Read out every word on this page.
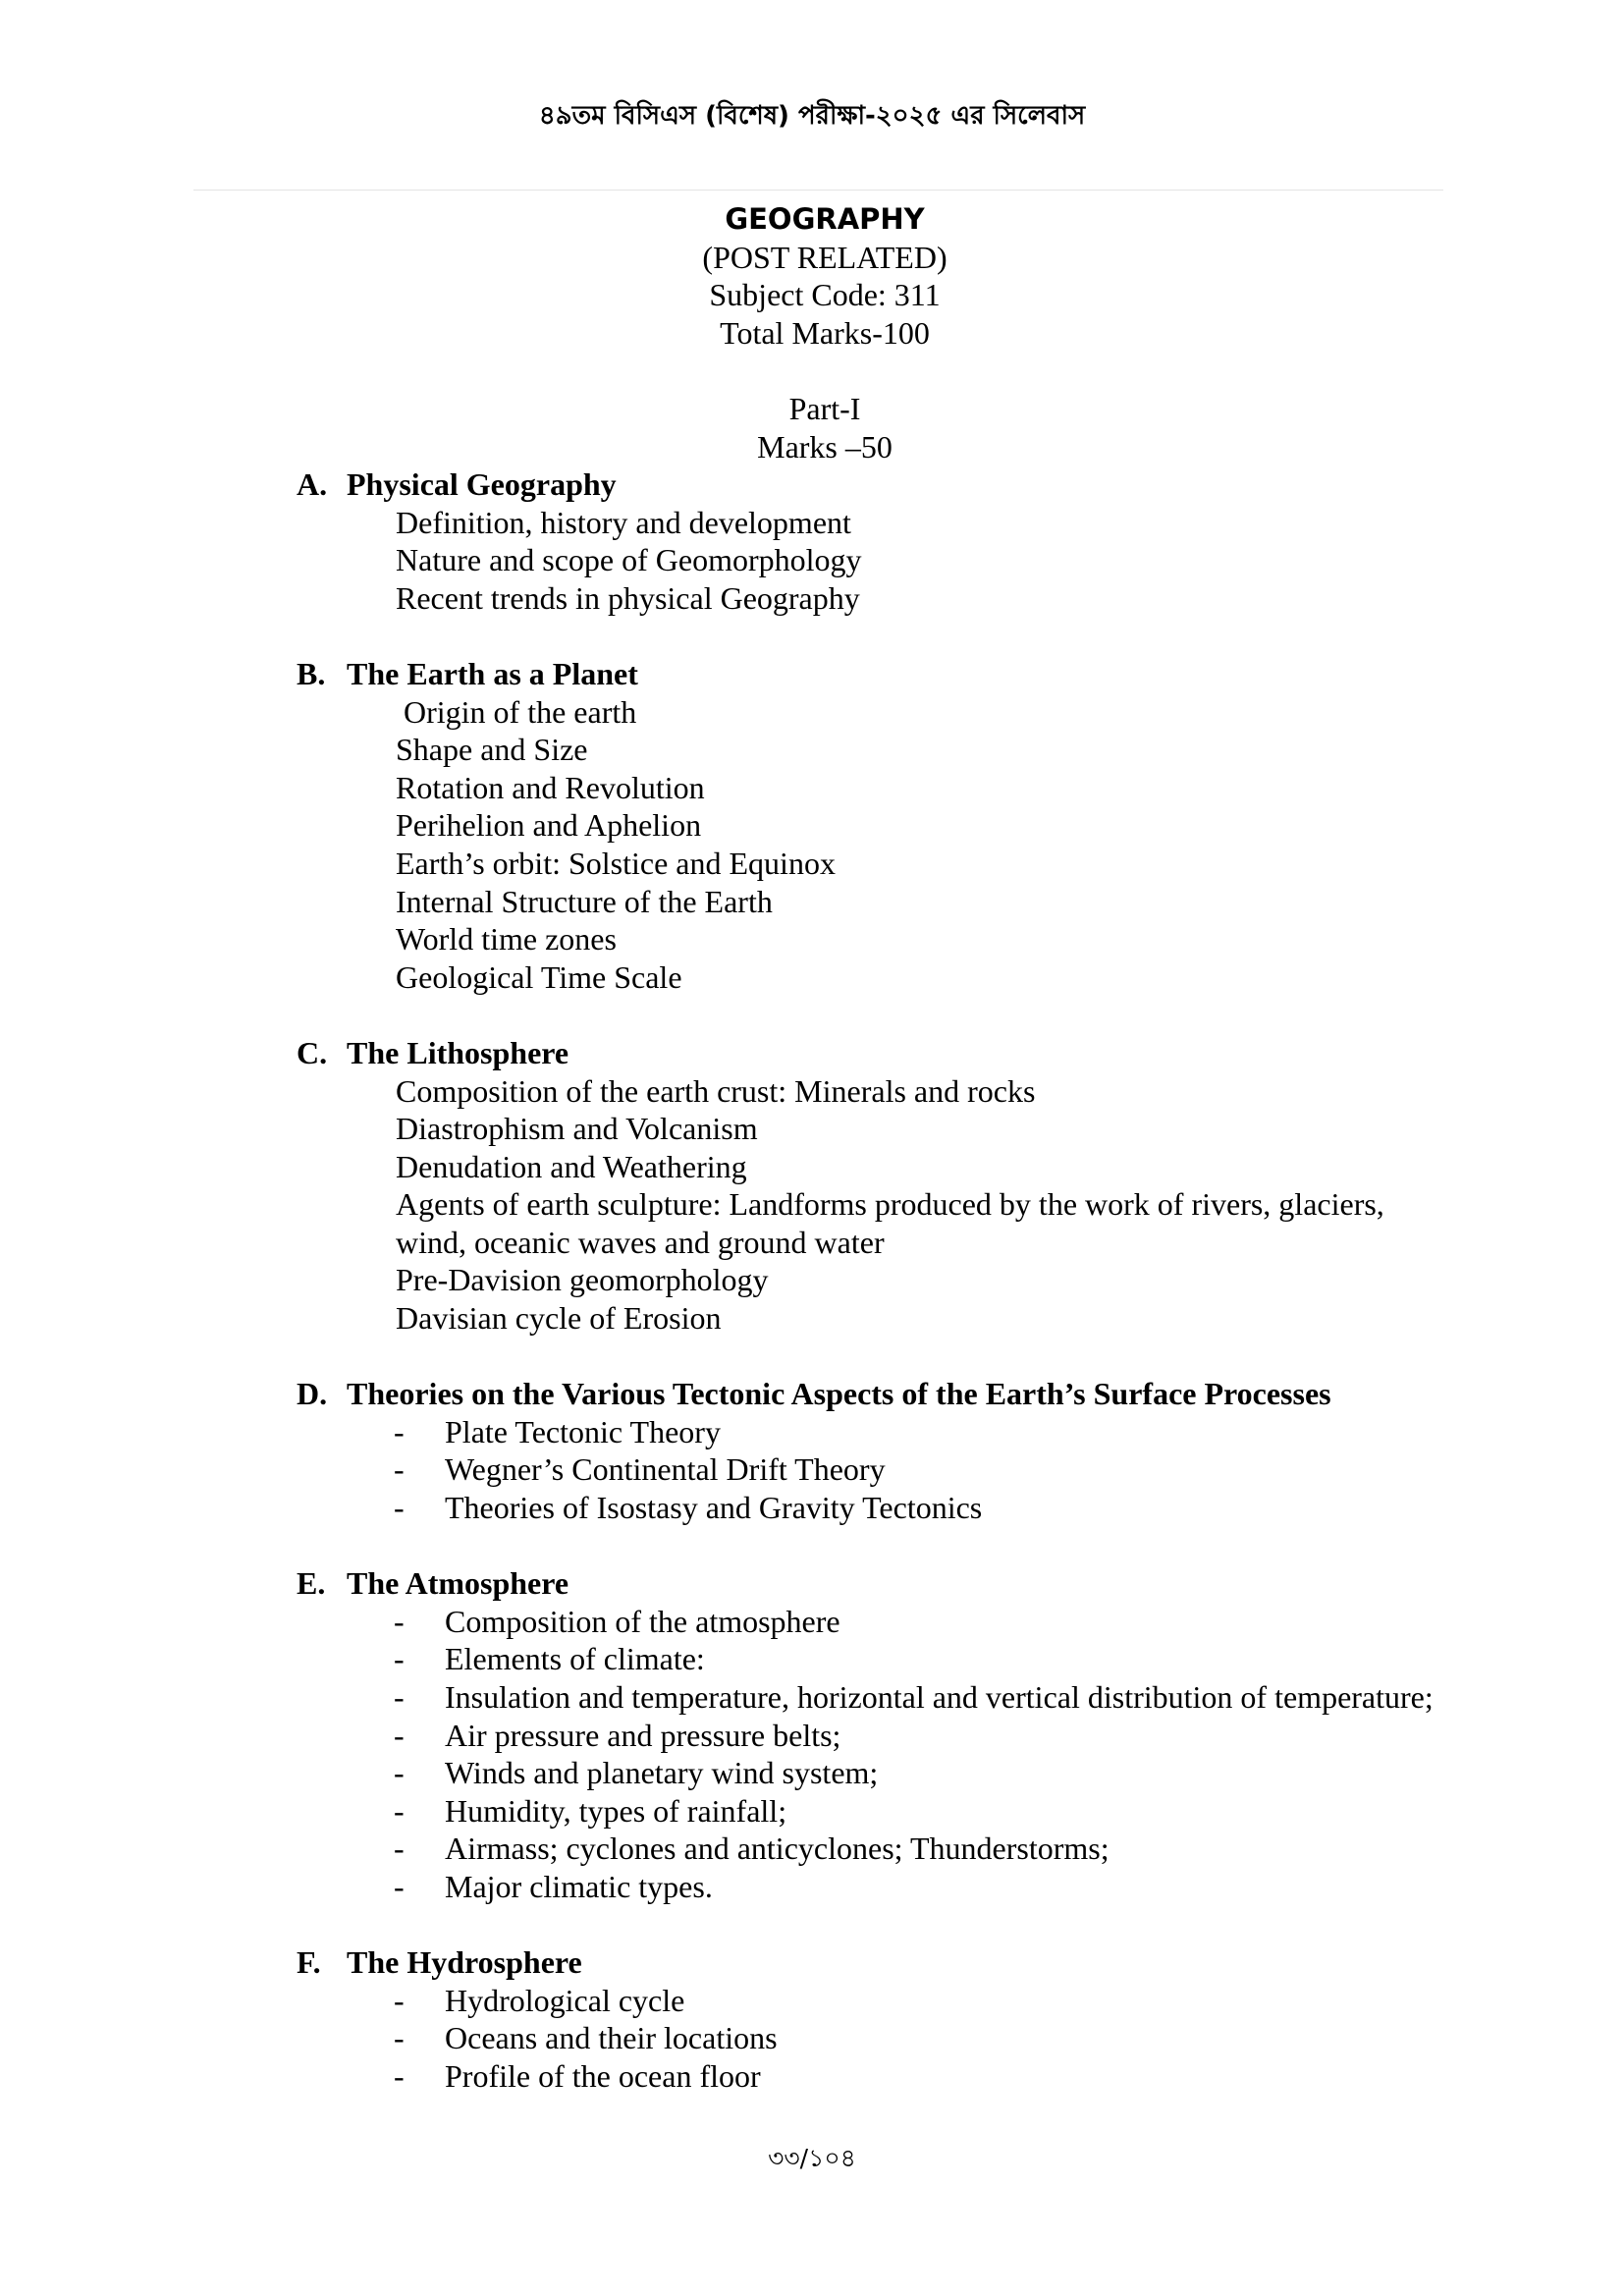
৪৯তম বিসিএস (বিশেষ) পরীক্ষা-২০২৫ এর সিলেবাস
GEOGRAPHY
(POST RELATED)
Subject Code: 311
Total Marks-100
Part-I
Marks –50
A. Physical Geography
Definition, history and development
Nature and scope of Geomorphology
Recent trends in physical Geography
B. The Earth as a Planet
Origin of the earth
Shape and Size
Rotation and Revolution
Perihelion and Aphelion
Earth’s orbit: Solstice and Equinox
Internal Structure of the Earth
World time zones
Geological Time Scale
C. The Lithosphere
Composition of the earth crust: Minerals and rocks
Diastrophism and Volcanism
Denudation and Weathering
Agents of earth sculpture: Landforms produced by the work of rivers, glaciers, wind, oceanic waves and ground water
Pre-Davision geomorphology
Davisian cycle of Erosion
D. Theories on the Various Tectonic Aspects of the Earth’s Surface Processes
- Plate Tectonic Theory
- Wegner’s Continental Drift Theory
- Theories of Isostasy and Gravity Tectonics
E. The Atmosphere
- Composition of the atmosphere
- Elements of climate:
- Insulation and temperature, horizontal and vertical distribution of temperature;
- Air pressure and pressure belts;
- Winds and planetary wind system;
- Humidity, types of rainfall;
- Airmass; cyclones and anticyclones; Thunderstorms;
- Major climatic types.
F. The Hydrosphere
- Hydrological cycle
- Oceans and their locations
- Profile of the ocean floor
৩৩/১০৪
